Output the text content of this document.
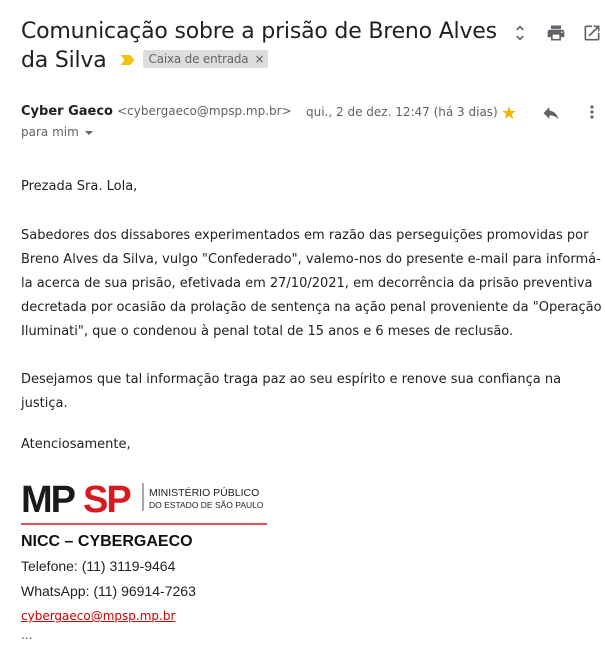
Comunicação sobre a prisão de Breno Alves da Silva	Caixa de entrada ×
Cyber Gaeco <cybergaeco@mpsp.mp.br>
para mim
qui., 2 de dez. 12:47 (há 3 dias) ★
Prezada Sra. Lola,
Sabedores dos dissabores experimentados em razão das perseguições promovidas por Breno Alves da Silva, vulgo "Confederado", valemo-nos do presente e-mail para informá-la acerca de sua prisão, efetivada em 27/10/2021, em decorrência da prisão preventiva decretada por ocasião da prolação de sentença na ação penal proveniente da "Operação Iluminati", que o condenou à penal total de 15 anos e 6 meses de reclusão.
Desejamos que tal informação traga paz ao seu espírito e renove sua confiança na justiça.
Atenciosamente,
MP SP MINISTÉRIO PÚBLICO
DO ESTADO DE SÃO PAULO
NICC – CYBERGAECO
Telefone: (11) 3119-9464
WhatsApp: (11) 96914-7263
cybergaeco@mpsp.mp.br
...
